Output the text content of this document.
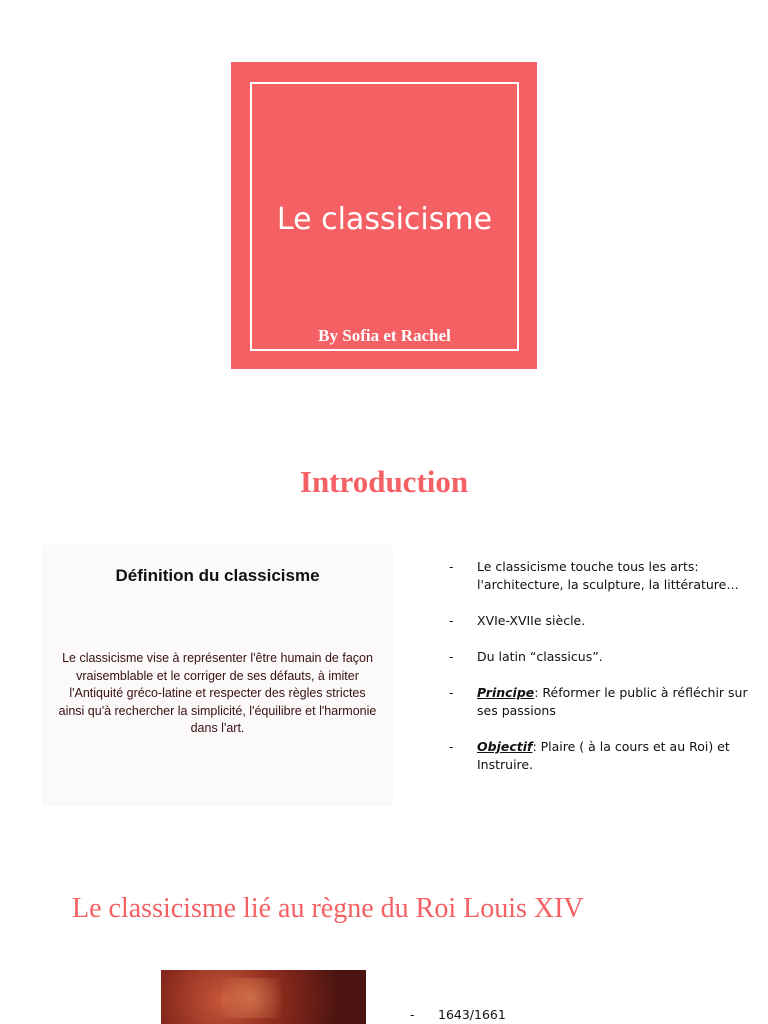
Le classicisme
By Sofia et Rachel
Introduction
Définition du classicisme
Le classicisme vise à représenter l'être humain de façon vraisemblable et le corriger de ses défauts, à imiter l'Antiquité gréco-latine et respecter des règles strictes ainsi qu'à rechercher la simplicité, l'équilibre et l'harmonie dans l'art.
- Le classicisme touche tous les arts: l'architecture, la sculpture, la littérature…
- XVIe-XVIIe siècle.
- Du latin “classicus”.
- Principe: Réformer le public à réfléchir sur ses passions
- Objectif: Plaire ( à la cours et au Roi) et Instruire.
Le classicisme lié au règne du Roi Louis XIV
- 1643/1661
